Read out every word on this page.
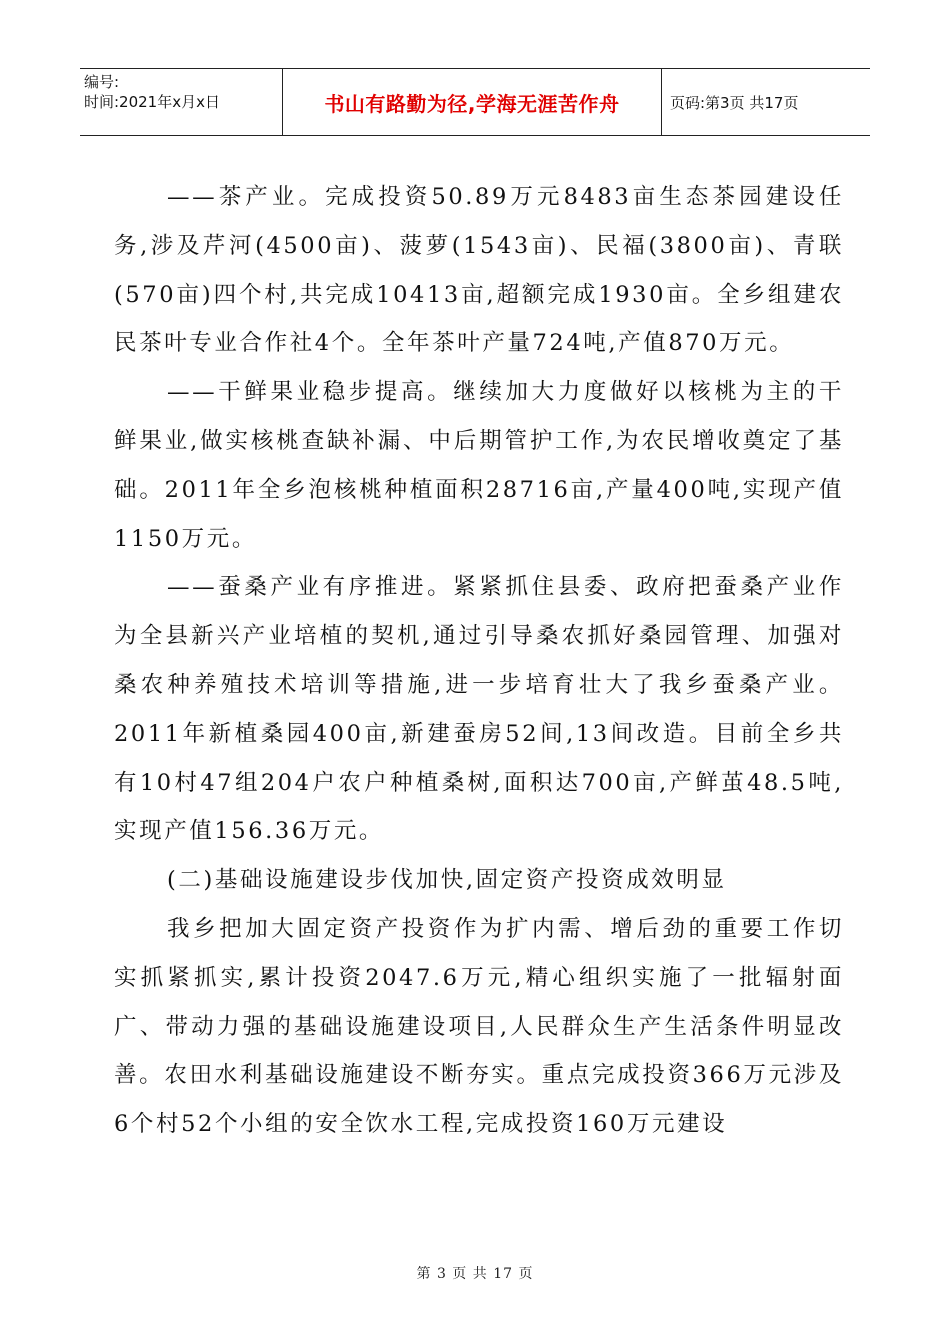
编号:
时间:2021年x月x日	书山有路勤为径,学海无涯苦作舟	页码:第3页 共17页

——茶产业。完成投资50.89万元8483亩生态茶园建设任务,涉及芹河(4500亩)、菠萝(1543亩)、民福(3800亩)、青联(570亩)四个村,共完成10413亩,超额完成1930亩。全乡组建农民茶叶专业合作社4个。全年茶叶产量724吨,产值870万元。

——干鲜果业稳步提高。继续加大力度做好以核桃为主的干鲜果业,做实核桃查缺补漏、中后期管护工作,为农民增收奠定了基础。2011年全乡泡核桃种植面积28716亩,产量400吨,实现产值1150万元。

——蚕桑产业有序推进。紧紧抓住县委、政府把蚕桑产业作为全县新兴产业培植的契机,通过引导桑农抓好桑园管理、加强对桑农种养殖技术培训等措施,进一步培育壮大了我乡蚕桑产业。2011年新植桑园400亩,新建蚕房52间,13间改造。目前全乡共有10村47组204户农户种植桑树,面积达700亩,产鲜茧48.5吨,实现产值156.36万元。

(二)基础设施建设步伐加快,固定资产投资成效明显

我乡把加大固定资产投资作为扩内需、增后劲的重要工作切实抓紧抓实,累计投资2047.6万元,精心组织实施了一批辐射面广、带动力强的基础设施建设项目,人民群众生产生活条件明显改善。农田水利基础设施建设不断夯实。重点完成投资366万元涉及6个村52个小组的安全饮水工程,完成投资160万元建设

第 3 页 共 17 页
